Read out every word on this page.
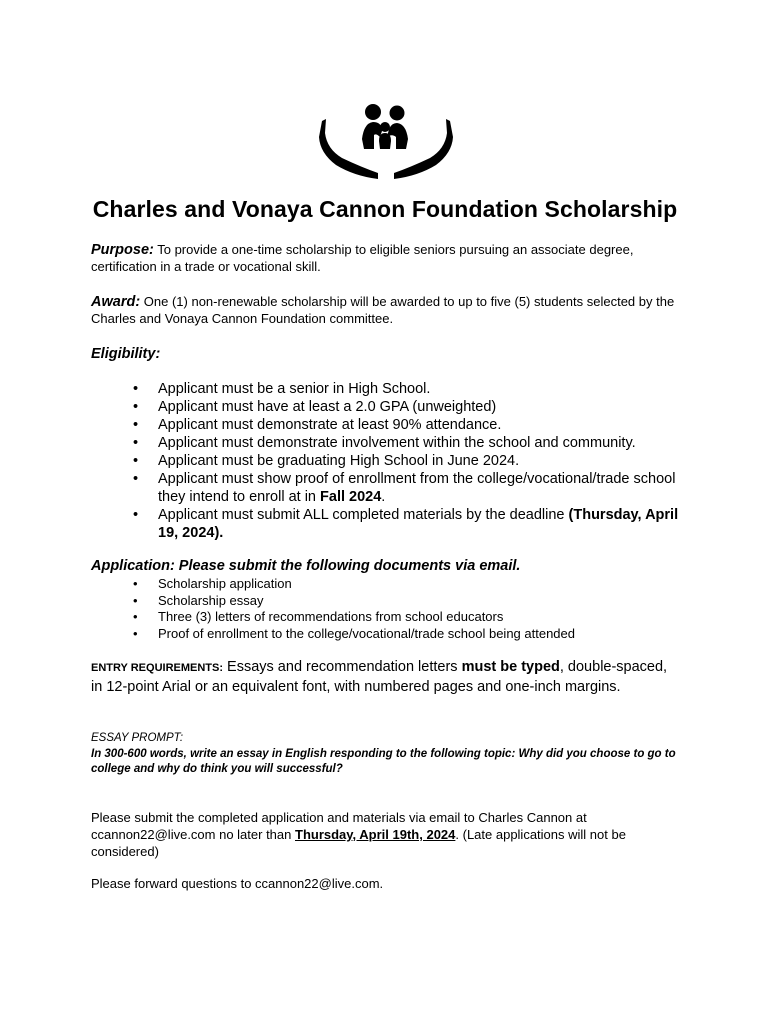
Charles and Vonaya Cannon Foundation Scholarship
Purpose: To provide a one-time scholarship to eligible seniors pursuing an associate degree, certification in a trade or vocational skill.
Award: One (1) non-renewable scholarship will be awarded to up to five (5) students selected by the Charles and Vonaya Cannon Foundation committee.
Eligibility:
• Applicant must be a senior in High School.
• Applicant must have at least a 2.0 GPA (unweighted)
• Applicant must demonstrate at least 90% attendance.
• Applicant must demonstrate involvement within the school and community.
• Applicant must be graduating High School in June 2024.
• Applicant must show proof of enrollment from the college/vocational/trade school they intend to enroll at in Fall 2024.
• Applicant must submit ALL completed materials by the deadline (Thursday, April 19, 2024).
Application: Please submit the following documents via email.
• Scholarship application
• Scholarship essay
• Three (3) letters of recommendations from school educators
• Proof of enrollment to the college/vocational/trade school being attended
ENTRY REQUIREMENTS: Essays and recommendation letters must be typed, double-spaced, in 12-point Arial or an equivalent font, with numbered pages and one-inch margins.
ESSAY PROMPT:
In 300-600 words, write an essay in English responding to the following topic: Why did you choose to go to college and why do think you will successful?
Please submit the completed application and materials via email to Charles Cannon at ccannon22@live.com no later than Thursday, April 19th, 2024. (Late applications will not be considered)
Please forward questions to ccannon22@live.com.
